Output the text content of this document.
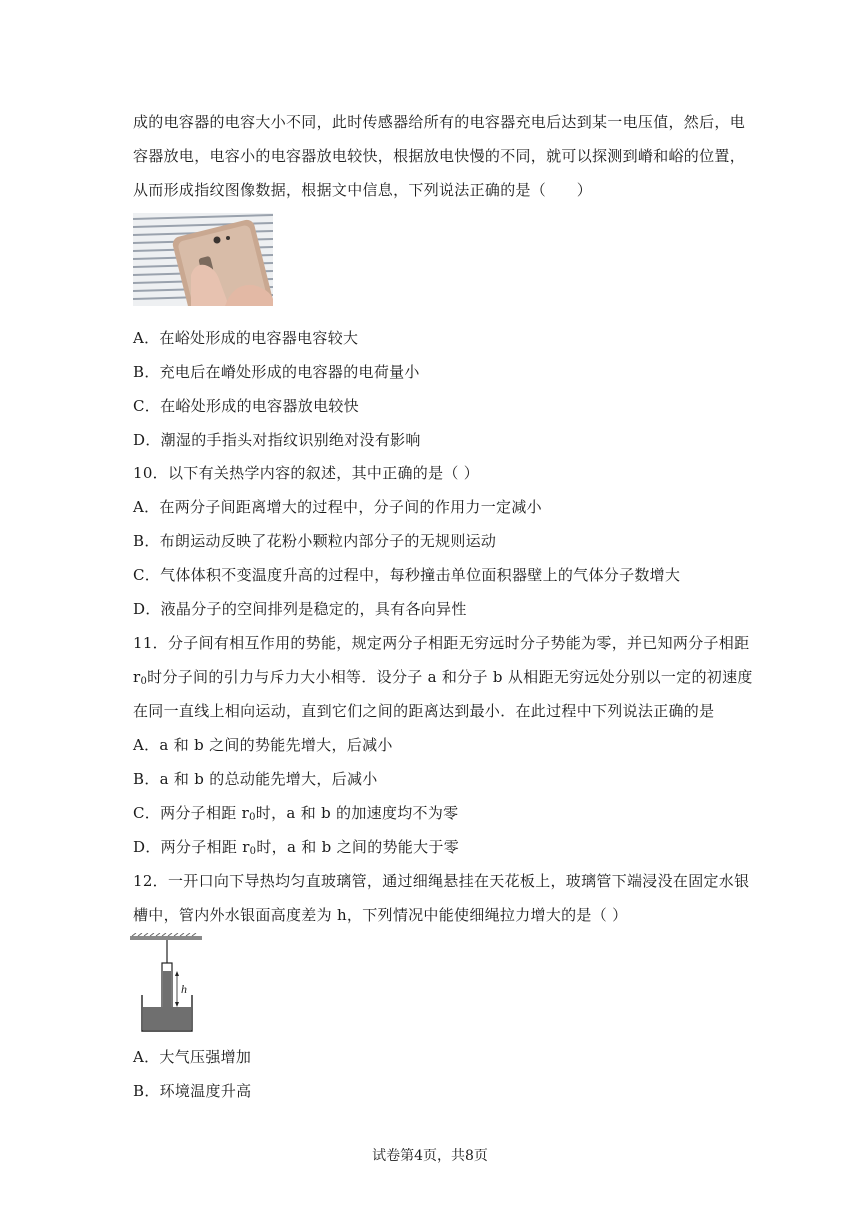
成的电容器的电容大小不同，此时传感器给所有的电容器充电后达到某一电压值，然后，电
容器放电，电容小的电容器放电较快，根据放电快慢的不同，就可以探测到嵴和峪的位置，
从而形成指纹图像数据，根据文中信息，下列说法正确的是（　　）
A．在峪处形成的电容器电容较大
B．充电后在嵴处形成的电容器的电荷量小
C．在峪处形成的电容器放电较快
D．潮湿的手指头对指纹识别绝对没有影响
10．以下有关热学内容的叙述，其中正确的是（ ）
A．在两分子间距离增大的过程中，分子间的作用力一定减小
B．布朗运动反映了花粉小颗粒内部分子的无规则运动
C．气体体积不变温度升高的过程中，每秒撞击单位面积器壁上的气体分子数增大
D．液晶分子的空间排列是稳定的，具有各向异性
11．分子间有相互作用的势能，规定两分子相距无穷远时分子势能为零，并已知两分子相距
$r_0$时分子间的引力与斥力大小相等．设分子 a 和分子 b 从相距无穷远处分别以一定的初速度
在同一直线上相向运动，直到它们之间的距离达到最小．在此过程中下列说法正确的是
A．a 和 b 之间的势能先增大，后减小
B．a 和 b 的总动能先增大，后减小
C．两分子相距 $r_0$时，a 和 b 的加速度均不为零
D．两分子相距 $r_0$时，a 和 b 之间的势能大于零
12．一开口向下导热均匀直玻璃管，通过细绳悬挂在天花板上，玻璃管下端浸没在固定水银
槽中，管内外水银面高度差为 h，下列情况中能使细绳拉力增大的是（ ）
h
A．大气压强增加
B．环境温度升高
试卷第4页，共8页
